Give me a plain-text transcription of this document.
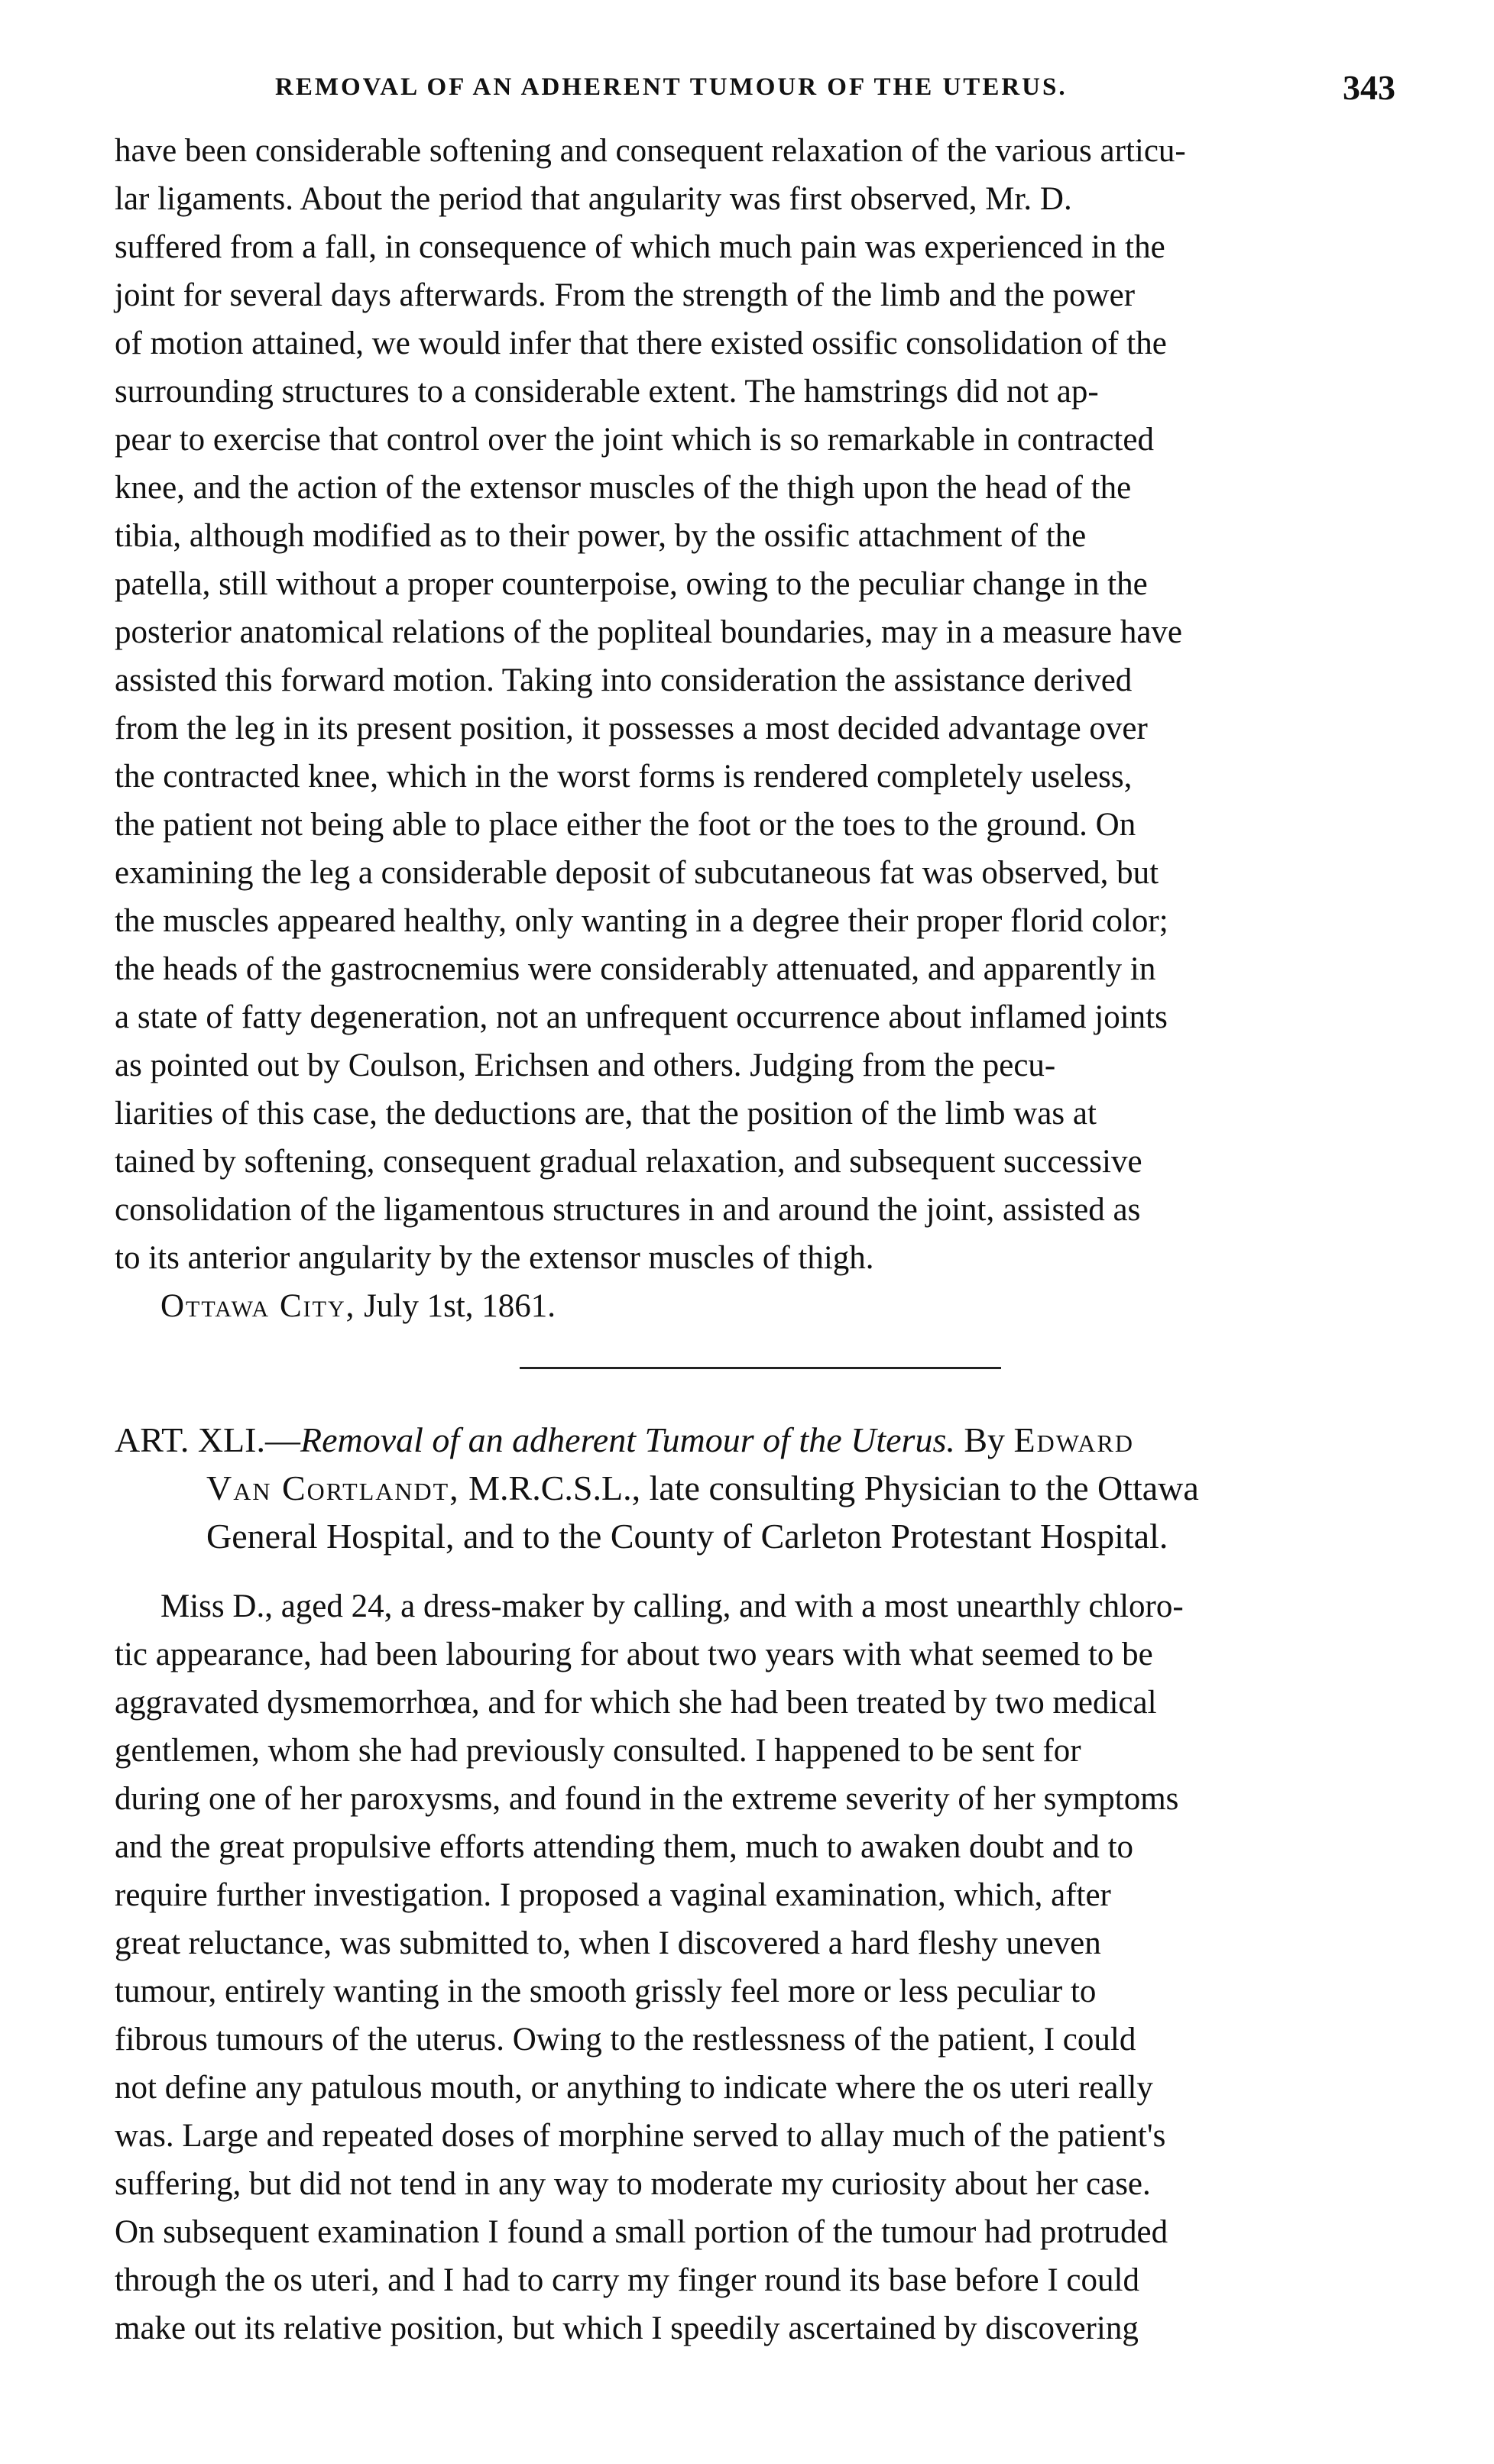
REMOVAL OF AN ADHERENT TUMOUR OF THE UTERUS.	343
have been considerable softening and consequent relaxation of the various articu-
lar ligaments. About the period that angularity was first observed, Mr. D.
suffered from a fall, in consequence of which much pain was experienced in the
joint for several days afterwards. From the strength of the limb and the power
of motion attained, we would infer that there existed ossific consolidation of the
surrounding structures to a considerable extent. The hamstrings did not ap-
pear to exercise that control over the joint which is so remarkable in contracted
knee, and the action of the extensor muscles of the thigh upon the head of the
tibia, although modified as to their power, by the ossific attachment of the
patella, still without a proper counterpoise, owing to the peculiar change in the
posterior anatomical relations of the popliteal boundaries, may in a measure have
assisted this forward motion. Taking into consideration the assistance derived
from the leg in its present position, it possesses a most decided advantage over
the contracted knee, which in the worst forms is rendered completely useless,
the patient not being able to place either the foot or the toes to the ground. On
examining the leg a considerable deposit of subcutaneous fat was observed, but
the muscles appeared healthy, only wanting in a degree their proper florid color;
the heads of the gastrocnemius were considerably attenuated, and apparently in
a state of fatty degeneration, not an unfrequent occurrence about inflamed joints
as pointed out by Coulson, Erichsen and others. Judging from the pecu-
liarities of this case, the deductions are, that the position of the limb was at
tained by softening, consequent gradual relaxation, and subsequent successive
consolidation of the ligamentous structures in and around the joint, assisted as
to its anterior angularity by the extensor muscles of thigh.

Ottawa City, July 1st, 1861.

ART. XLI.—Removal of an adherent Tumour of the Uterus. By Edward
Van Cortlandt, M.R.C.S.L., late consulting Physician to the Ottawa
General Hospital, and to the County of Carleton Protestant Hospital.
Miss D., aged 24, a dress-maker by calling, and with a most unearthly chloro-
tic appearance, had been labouring for about two years with what seemed to be
aggravated dysmemorrhœa, and for which she had been treated by two medical
gentlemen, whom she had previously consulted. I happened to be sent for
during one of her paroxysms, and found in the extreme severity of her symptoms
and the great propulsive efforts attending them, much to awaken doubt and to
require further investigation. I proposed a vaginal examination, which, after
great reluctance, was submitted to, when I discovered a hard fleshy uneven
tumour, entirely wanting in the smooth grissly feel more or less peculiar to
fibrous tumours of the uterus. Owing to the restlessness of the patient, I could
not define any patulous mouth, or anything to indicate where the os uteri really
was. Large and repeated doses of morphine served to allay much of the patient's
suffering, but did not tend in any way to moderate my curiosity about her case.
On subsequent examination I found a small portion of the tumour had protruded
through the os uteri, and I had to carry my finger round its base before I could
make out its relative position, but which I speedily ascertained by discovering
